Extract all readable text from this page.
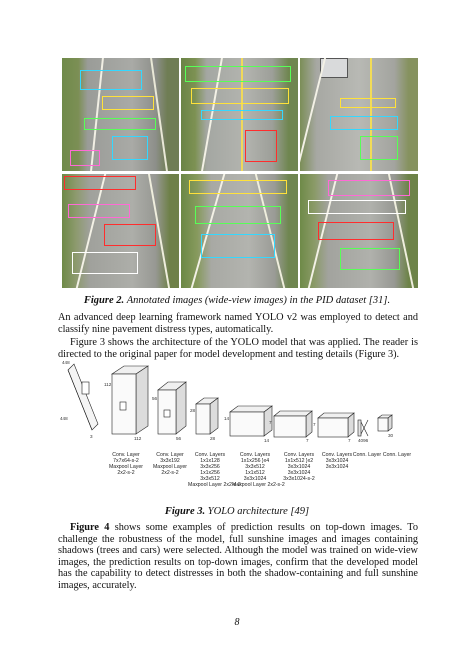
Figure 2. Annotated images (wide-view images) in the PID dataset [31].
An advanced deep learning framework named YOLO v2 was employed to detect and classify nine pavement distress types, automatically.
Figure 3 shows the architecture of the YOLO model that was applied. The reader is directed to the original paper for model development and testing details (Figure 3).
448
448
3	112	56	28	14	7	7 4096
30
112
56
28
14
7	7
Conv. Layer
7x7x64-s-2
Maxpool Layer
2x2-s-2
Conv. Layer
3x3x192
Maxpool Layer
2x2-s-2
Conv. Layers
1x1x128
3x3x256
1x1x256
3x3x512
Maxpool Layer 2x2-s-2
Conv. Layers
1x1x256 }x4
3x3x512
1x1x512
3x3x1024
Maxpool Layer 2x2-s-2
Conv. Layers
1x1x512 }x2
3x3x1024
3x3x1024
3x3x1024-s-2
Conv. Layers
3x3x1024
3x3x1024
Conn. Layer Conn. Layer
Figure 3. YOLO architecture [49]
Figure 4 shows some examples of prediction results on top-down images. To challenge the robustness of the model, full sunshine images and images containing shadows (trees and cars) were selected. Although the model was trained on wide-view images, the prediction results on top-down images, confirm that the developed model has the capability to detect distresses in both the shadow-containing and full sunshine images, accurately.
8
